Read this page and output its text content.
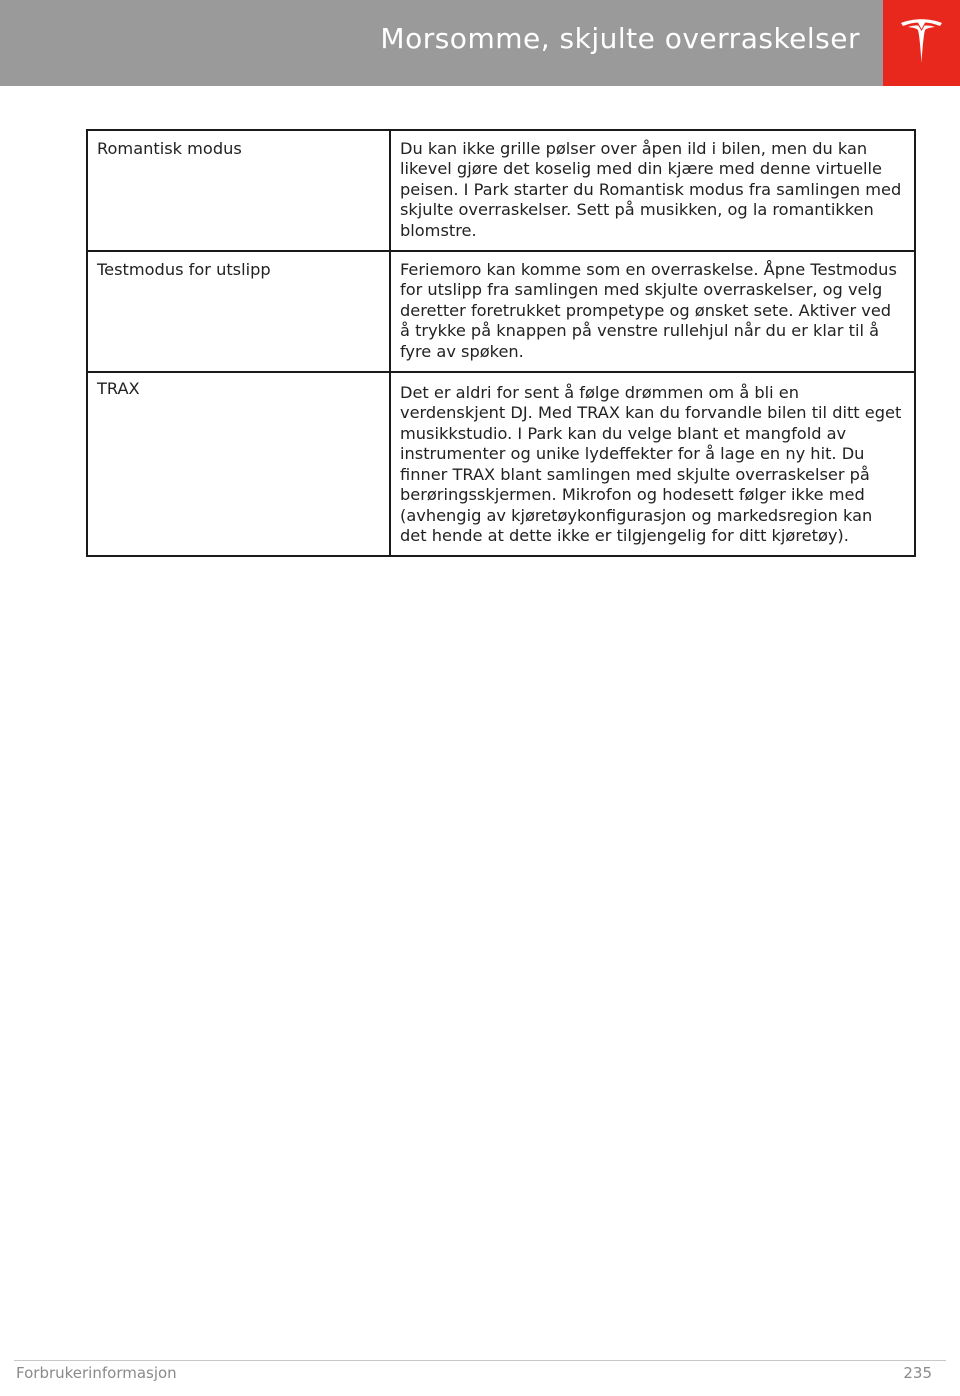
Morsomme, skjulte overraskelser
Romantisk modus	Du kan ikke grille pølser over åpen ild i bilen, men du kan likevel gjøre det koselig med din kjære med denne virtuelle peisen. I Park starter du Romantisk modus fra samlingen med skjulte overraskelser. Sett på musikken, og la romantikken blomstre.
Testmodus for utslipp	Feriemoro kan komme som en overraskelse. Åpne Testmodus for utslipp fra samlingen med skjulte overraskelser, og velg deretter foretrukket prompetype og ønsket sete. Aktiver ved å trykke på knappen på venstre rullehjul når du er klar til å fyre av spøken.
TRAX	Det er aldri for sent å følge drømmen om å bli en verdenskjent DJ. Med TRAX kan du forvandle bilen til ditt eget musikkstudio. I Park kan du velge blant et mangfold av instrumenter og unike lydeffekter for å lage en ny hit. Du finner TRAX blant samlingen med skjulte overraskelser på berøringsskjermen. Mikrofon og hodesett følger ikke med (avhengig av kjøretøykonfigurasjon og markedsregion kan det hende at dette ikke er tilgjengelig for ditt kjøretøy).
Forbrukerinformasjon	235
